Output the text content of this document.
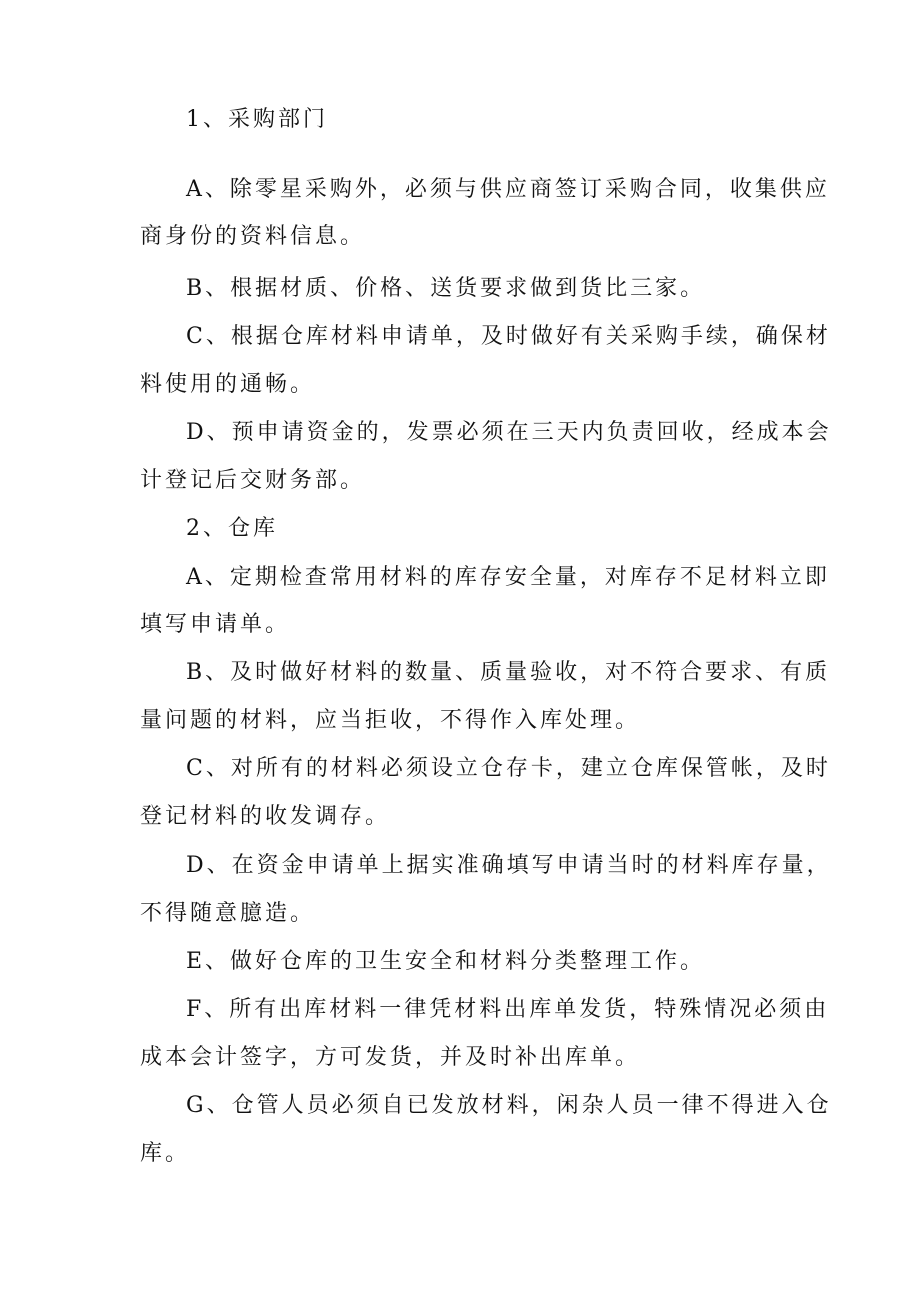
1、采购部门
A、除零星采购外，必须与供应商签订采购合同，收集供应
商身份的资料信息。
B、根据材质、价格、送货要求做到货比三家。
C、根据仓库材料申请单，及时做好有关采购手续，确保材
料使用的通畅。
D、预申请资金的，发票必须在三天内负责回收，经成本会
计登记后交财务部。
2、仓库
A、定期检查常用材料的库存安全量，对库存不足材料立即
填写申请单。
B、及时做好材料的数量、质量验收，对不符合要求、有质
量问题的材料，应当拒收，不得作入库处理。
C、对所有的材料必须设立仓存卡，建立仓库保管帐，及时
登记材料的收发调存。
D、在资金申请单上据实准确填写申请当时的材料库存量，
不得随意臆造。
E、做好仓库的卫生安全和材料分类整理工作。
F、所有出库材料一律凭材料出库单发货，特殊情况必须由
成本会计签字，方可发货，并及时补出库单。
G、仓管人员必须自已发放材料，闲杂人员一律不得进入仓
库。
